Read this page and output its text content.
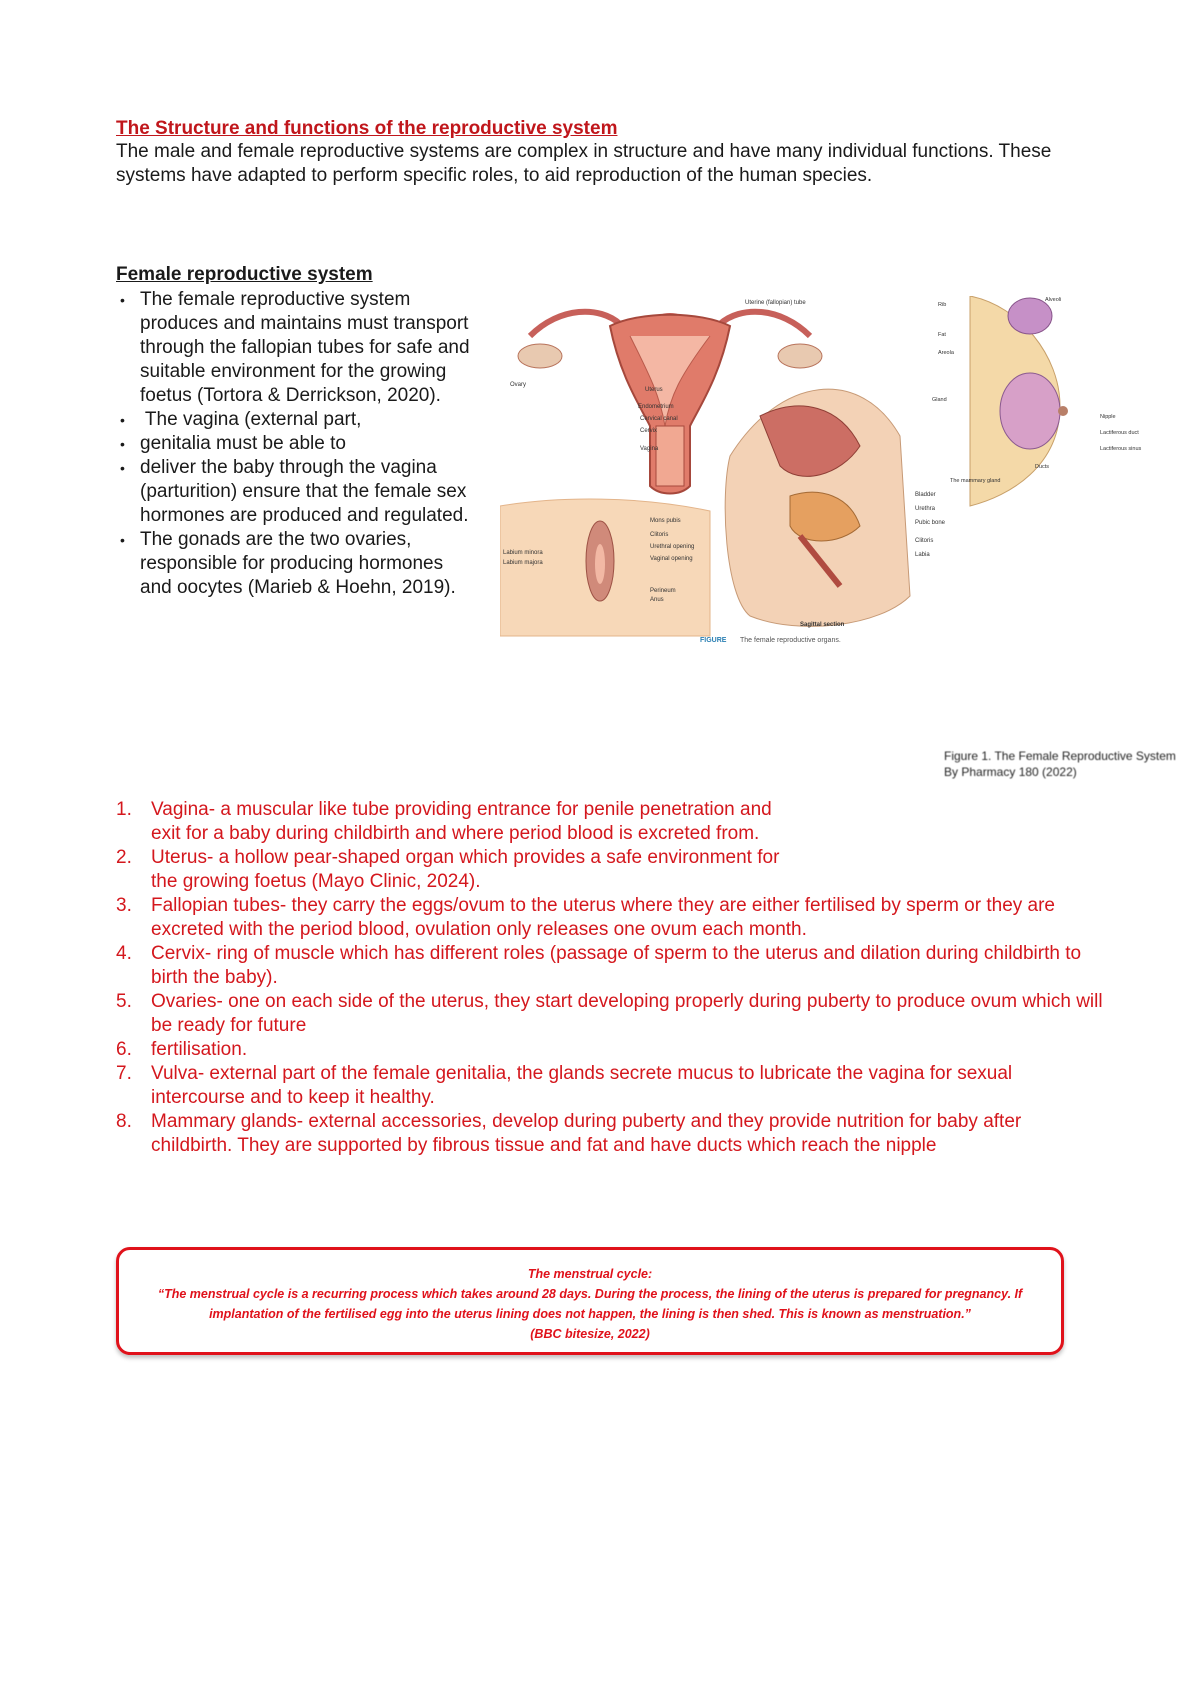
The Structure and functions of the reproductive system
The male and female reproductive systems are complex in structure and have many individual functions. These systems have adapted to perform specific roles, to aid reproduction of the human species.
Female reproductive system
• The female reproductive system produces and maintains must transport through the fallopian tubes for safe and suitable environment for the growing foetus (Tortora & Derrickson, 2020).
•  The vagina (external part,
• genitalia must be able to
• deliver the baby through the vagina (parturition) ensure that the female sex hormones are produced and regulated.
• The gonads are the two ovaries, responsible for producing hormones and oocytes (Marieb & Hoehn, 2019).
Ovary
Uterine (fallopian) tube
Uterus
Endometrium
Cervical canal
Cervix
Vagina
Mons pubis
Clitoris
Urethral opening
Vaginal opening
Perineum
Anus
Labium minora
Labium majora
Bladder
Urethra
Pubic bone
Clitoris
Labia
Sagittal section
Rib
Alveoli
Fat
Areola
Gland
Nipple
Lactiferous duct
Lactiferous sinus
Ducts
The mammary gland
FIGURE The female reproductive organs.
Figure 1. The Female Reproductive System
By Pharmacy 180 (2022)
1. Vagina- a muscular like tube providing entrance for penile penetration and
exit for a baby during childbirth and where period blood is excreted from.
2. Uterus- a hollow pear-shaped organ which provides a safe environment for
the growing foetus (Mayo Clinic, 2024).
3. Fallopian tubes- they carry the eggs/ovum to the uterus where they are either fertilised by sperm or they are excreted with the period blood, ovulation only releases one ovum each month.
4. Cervix- ring of muscle which has different roles (passage of sperm to the uterus and dilation during childbirth to birth the baby).
5. Ovaries- one on each side of the uterus, they start developing properly during puberty to produce ovum which will be ready for future
6. fertilisation.
7. Vulva- external part of the female genitalia, the glands secrete mucus to lubricate the vagina for sexual intercourse and to keep it healthy.
8. Mammary glands- external accessories, develop during puberty and they provide nutrition for baby after childbirth. They are supported by fibrous tissue and fat and have ducts which reach the nipple
The menstrual cycle:
“The menstrual cycle is a recurring process which takes around 28 days. During the process, the lining of the uterus is prepared for pregnancy. If
implantation of the fertilised egg into the uterus lining does not happen, the lining is then shed. This is known as menstruation.”
(BBC bitesize, 2022)
